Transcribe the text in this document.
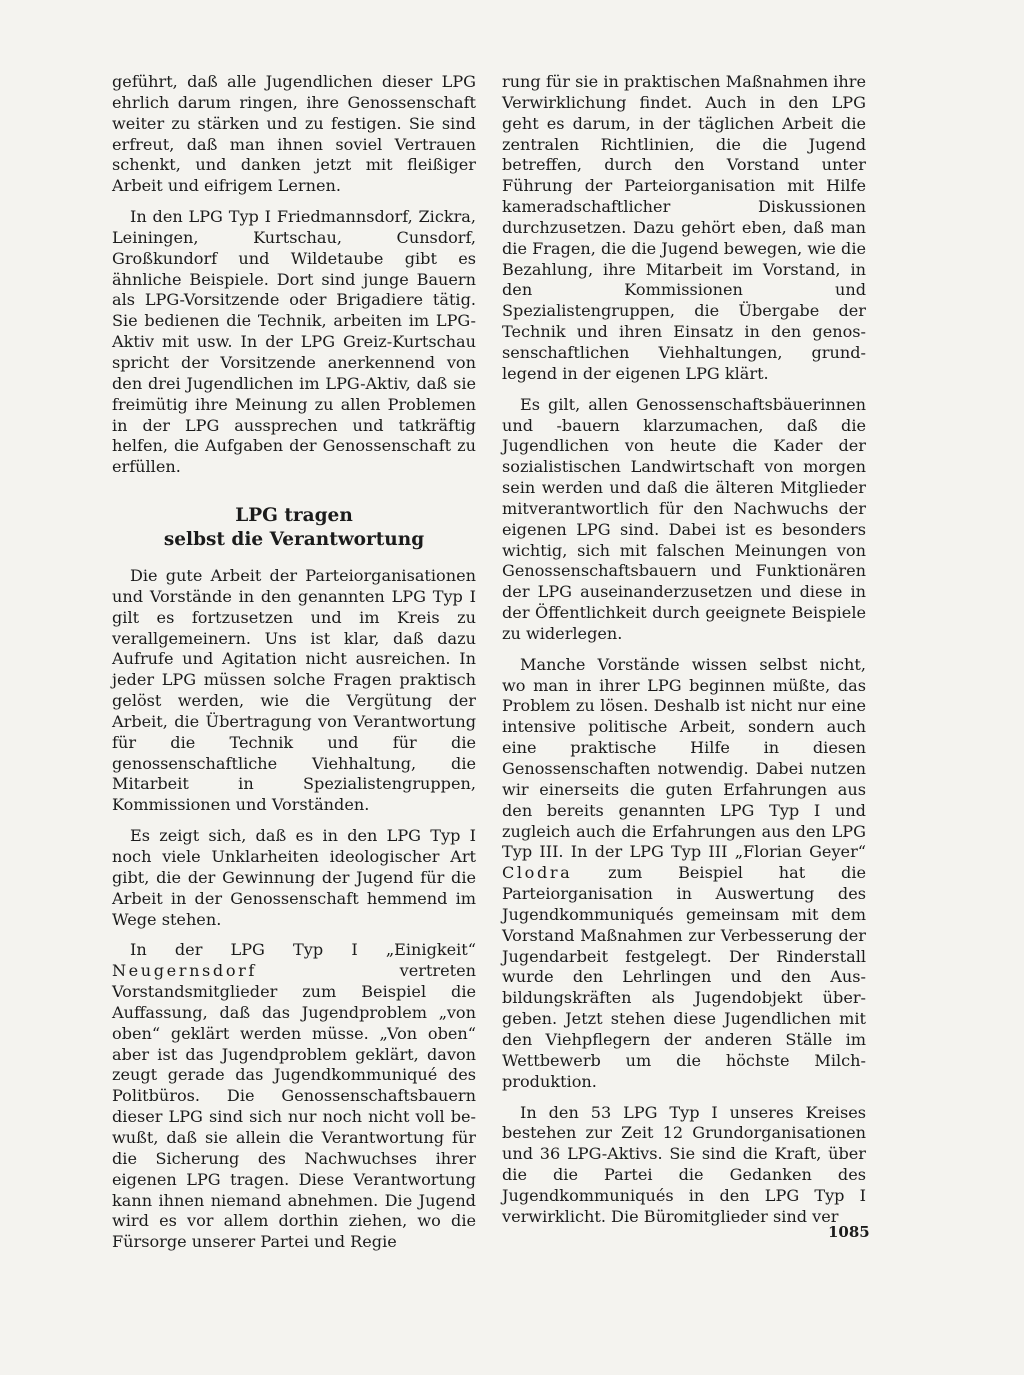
geführt, daß alle Jugendlichen dieser LPG ehrlich darum ringen, ihre Genossenschaft weiter zu stärken und zu festigen. Sie sind erfreut, daß man ihnen soviel Vertrauen schenkt, und danken jetzt mit fleißiger Arbeit und eifrigem Lernen.

In den LPG Typ I Friedmannsdorf, Zickra, Leiningen, Kurtschau, Cunsdorf, Großkundorf und Wildetaube gibt es ähnliche Beispiele. Dort sind junge Bauern als LPG-Vorsitzende oder Brigadiere tätig. Sie bedienen die Technik, arbeiten im LPG-Aktiv mit usw. In der LPG Greiz-Kurtschau spricht der Vorsitzende anerkennend von den drei Jugendlichen im LPG-Aktiv, daß sie freimütig ihre Meinung zu allen Problemen in der LPG aussprechen und tatkräftig helfen, die Aufgaben der Genossenschaft zu erfüllen.

LPG tragen
selbst die Verantwortung

Die gute Arbeit der Parteiorganisationen und Vorstände in den genannten LPG Typ I gilt es fortzusetzen und im Kreis zu verallgemeinern. Uns ist klar, daß dazu Aufrufe und Agitation nicht ausreichen. In jeder LPG müssen solche Fragen praktisch gelöst werden, wie die Vergütung der Arbeit, die Übertragung von Verantwortung für die Technik und für die genossenschaftliche Viehhaltung, die Mitarbeit in Spezialistengruppen, Kommissionen und Vorständen.

Es zeigt sich, daß es in den LPG Typ I noch viele Unklarheiten ideologischer Art gibt, die der Gewinnung der Jugend für die Arbeit in der Genossenschaft hemmend im Wege stehen.

In der LPG Typ I „Einigkeit“ Neugernsdorf vertreten Vorstandsmitglieder zum Beispiel die Auffassung, daß das Jugendproblem „von oben“ geklärt werden müsse. „Von oben“ aber ist das Jugendproblem geklärt, davon zeugt gerade das Jugendkommuniqué des Politbüros. Die Genossenschaftsbauern dieser LPG sind sich nur noch nicht voll bewußt, daß sie allein die Verantwortung für die Sicherung des Nachwuchses ihrer eigenen LPG tragen. Diese Verantwortung kann ihnen niemand abnehmen. Die Jugend wird es vor allem dorthin ziehen, wo die Fürsorge unserer Partei und Regie

rung für sie in praktischen Maßnahmen ihre Verwirklichung findet. Auch in den LPG geht es darum, in der täglichen Arbeit die zentralen Richtlinien, die die Jugend betreffen, durch den Vorstand unter Führung der Parteiorganisation mit Hilfe kameradschaftlicher Diskussionen durchzusetzen. Dazu gehört eben, daß man die Fragen, die die Jugend bewegen, wie die Bezahlung, ihre Mitarbeit im Vorstand, in den Kommissionen und Spezialistengruppen, die Übergabe der Technik und ihren Einsatz in den genossenschaftlichen Viehhaltungen, grundlegend in der eigenen LPG klärt.

Es gilt, allen Genossenschaftsbäuerinnen und -bauern klarzumachen, daß die Jugendlichen von heute die Kader der sozialistischen Landwirtschaft von morgen sein werden und daß die älteren Mitglieder mitverantwortlich für den Nachwuchs der eigenen LPG sind. Dabei ist es besonders wichtig, sich mit falschen Meinungen von Genossenschaftsbauern und Funktionären der LPG auseinanderzusetzen und diese in der Öffentlichkeit durch geeignete Beispiele zu widerlegen.

Manche Vorstände wissen selbst nicht, wo man in ihrer LPG beginnen müßte, das Problem zu lösen. Deshalb ist nicht nur eine intensive politische Arbeit, sondern auch eine praktische Hilfe in diesen Genossenschaften notwendig. Dabei nutzen wir einerseits die guten Erfahrungen aus den bereits genannten LPG Typ I und zugleich auch die Erfahrungen aus den LPG Typ III. In der LPG Typ III „Florian Geyer“ Clodra zum Beispiel hat die Parteiorganisation in Auswertung des Jugendkommuniqués gemeinsam mit dem Vorstand Maßnahmen zur Verbesserung der Jugendarbeit festgelegt. Der Rinderstall wurde den Lehrlingen und den Ausbildungskräften als Jugendobjekt übergeben. Jetzt stehen diese Jugendlichen mit den Viehpflegern der anderen Ställe im Wettbewerb um die höchste Milchproduktion.

In den 53 LPG Typ I unseres Kreises bestehen zur Zeit 12 Grundorganisationen und 36 LPG-Aktivs. Sie sind die Kraft, über die die Partei die Gedanken des Jugendkommuniqués in den LPG Typ I verwirklicht. Die Büromitglieder sind ver

1085
